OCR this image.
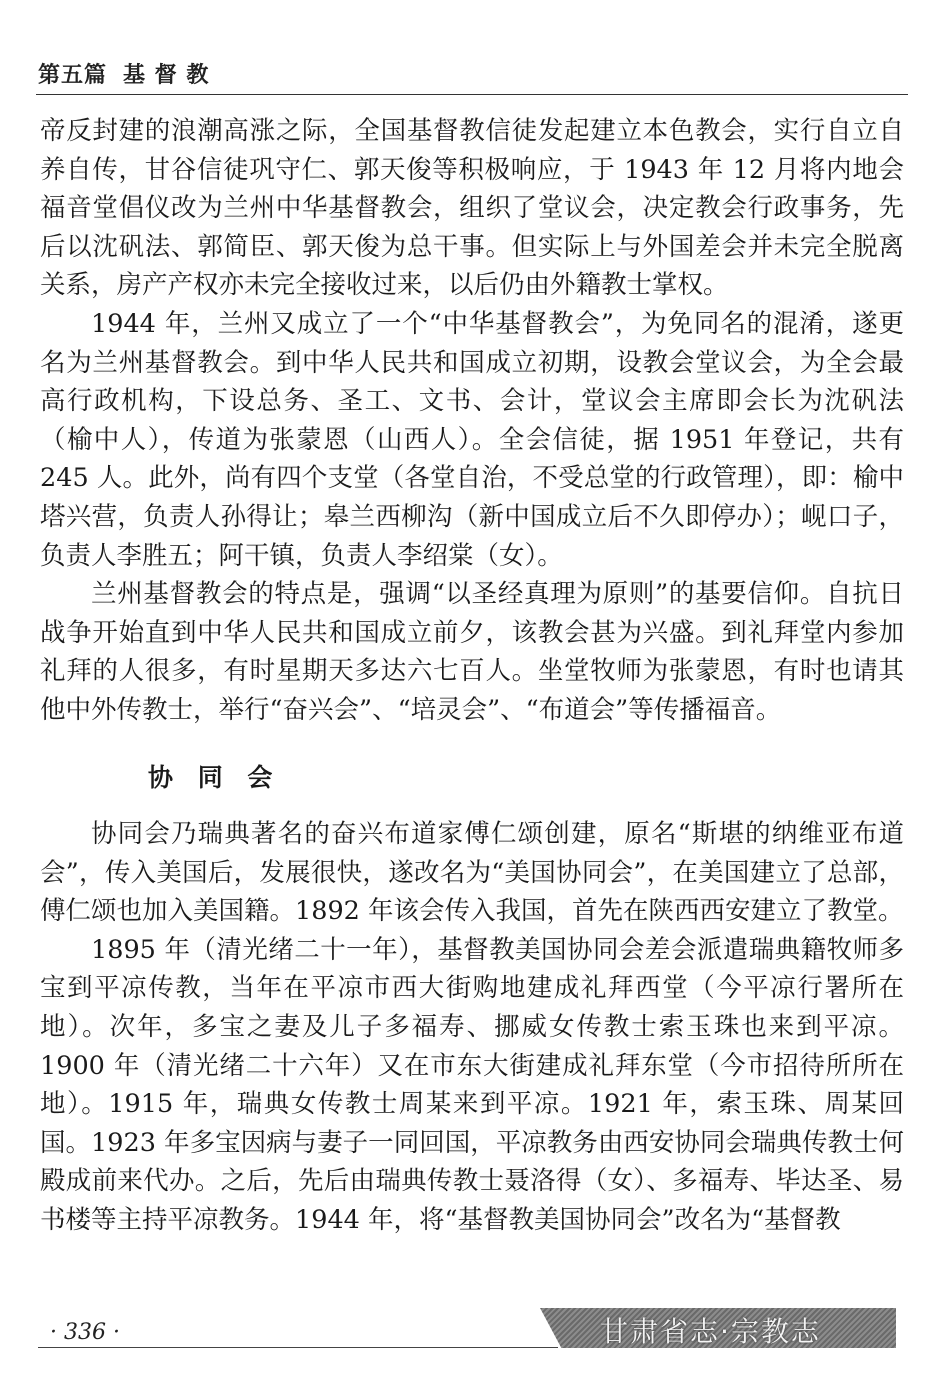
第五篇 基 督 教

帝反封建的浪潮高涨之际，全国基督教信徒发起建立本色教会，实行自立自养自传，甘谷信徒巩守仁、郭天俊等积极响应，于 1943 年 12 月将内地会福音堂倡仪改为兰州中华基督教会，组织了堂议会，决定教会行政事务，先后以沈矾法、郭简臣、郭天俊为总干事。但实际上与外国差会并未完全脱离关系，房产产权亦未完全接收过来，以后仍由外籍教士掌权。

1944 年，兰州又成立了一个“中华基督教会”，为免同名的混淆，遂更名为兰州基督教会。到中华人民共和国成立初期，设教会堂议会，为全会最高行政机构，下设总务、圣工、文书、会计，堂议会主席即会长为沈矾法（榆中人），传道为张蒙恩（山西人）。全会信徒，据 1951 年登记，共有 245 人。此外，尚有四个支堂（各堂自治，不受总堂的行政管理），即：榆中塔兴营，负责人孙得让；皋兰西柳沟（新中国成立后不久即停办）；岘口子，负责人李胜五；阿干镇，负责人李绍棠（女）。

兰州基督教会的特点是，强调“以圣经真理为原则”的基要信仰。自抗日战争开始直到中华人民共和国成立前夕，该教会甚为兴盛。到礼拜堂内参加礼拜的人很多，有时星期天多达六七百人。坐堂牧师为张蒙恩，有时也请其他中外传教士，举行“奋兴会”、“培灵会”、“布道会”等传播福音。

协 同 会

协同会乃瑞典著名的奋兴布道家傅仁颂创建，原名“斯堪的纳维亚布道会”，传入美国后，发展很快，遂改名为“美国协同会”，在美国建立了总部，傅仁颂也加入美国籍。1892 年该会传入我国，首先在陕西西安建立了教堂。

1895 年（清光绪二十一年），基督教美国协同会差会派遣瑞典籍牧师多宝到平凉传教，当年在平凉市西大街购地建成礼拜西堂（今平凉行署所在地）。次年，多宝之妻及儿子多福寿、挪威女传教士索玉珠也来到平凉。1900 年（清光绪二十六年）又在市东大街建成礼拜东堂（今市招待所所在地）。1915 年，瑞典女传教士周某来到平凉。1921 年，索玉珠、周某回国。1923 年多宝因病与妻子一同回国，平凉教务由西安协同会瑞典传教士何殿成前来代办。之后，先后由瑞典传教士聂洛得（女）、多福寿、毕达圣、易书楼等主持平凉教务。1944 年，将“基督教美国协同会”改名为“基督教

· 336 ·	甘肃省志·宗教志
